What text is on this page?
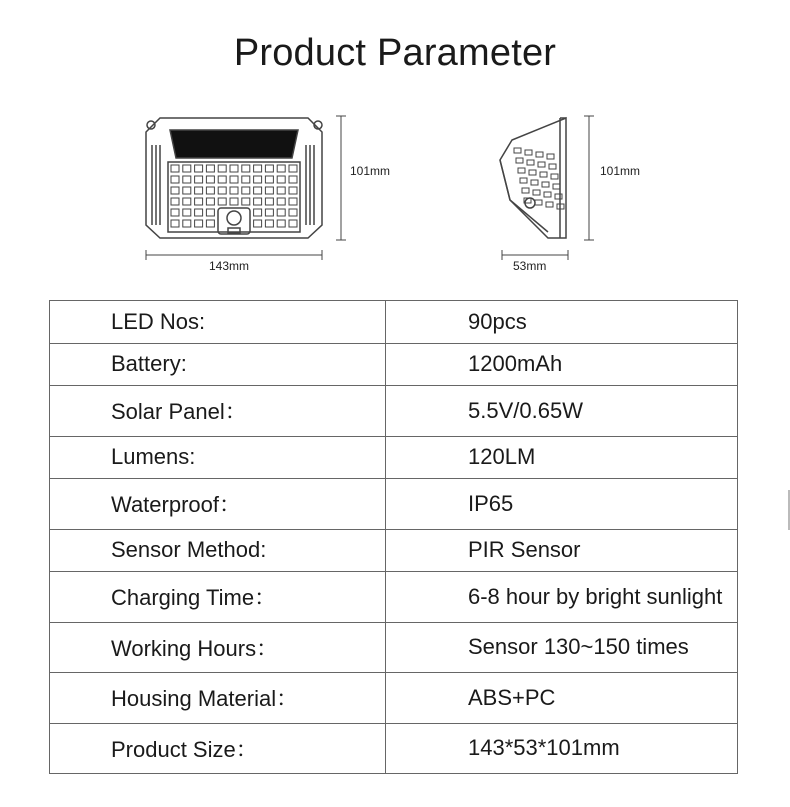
Product Parameter
101mm
143mm
101mm
53mm
LED Nos:	90pcs
Battery:	1200mAh
Solar Panel：	5.5V/0.65W
Lumens:	120LM
Waterproof：	IP65
Sensor Method:	PIR Sensor
Charging Time：	6-8 hour by bright sunlight
Working Hours：	Sensor 130~150 times
Housing Material：	ABS+PC
Product Size：	143*53*101mm
